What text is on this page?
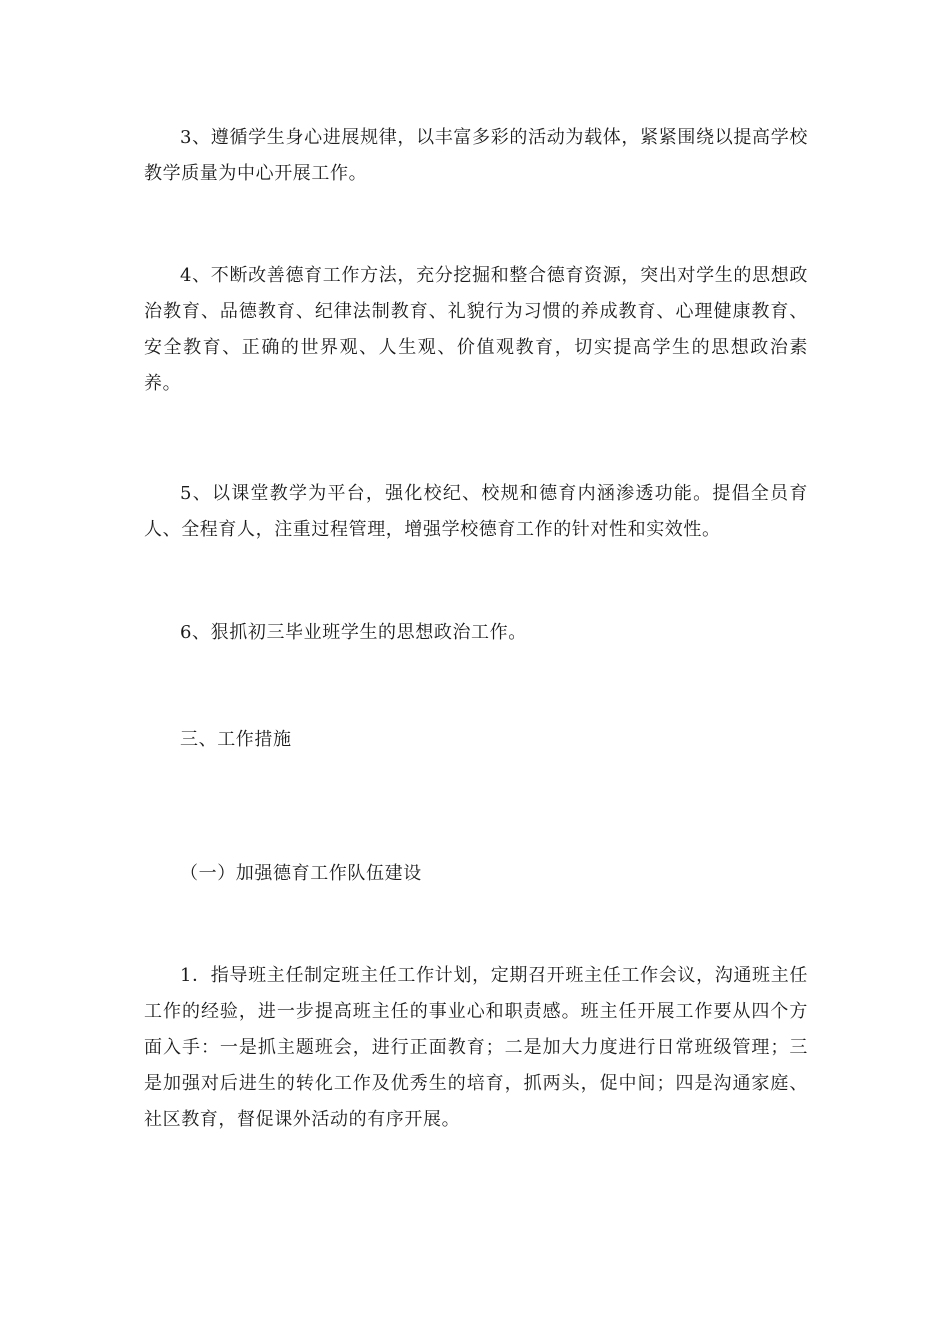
3、遵循学生身心进展规律，以丰富多彩的活动为载体，紧紧围绕以提高学校教学质量为中心开展工作。

4、不断改善德育工作方法，充分挖掘和整合德育资源，突出对学生的思想政治教育、品德教育、纪律法制教育、礼貌行为习惯的养成教育、心理健康教育、安全教育、正确的世界观、人生观、价值观教育，切实提高学生的思想政治素养。

5、以课堂教学为平台，强化校纪、校规和德育内涵渗透功能。提倡全员育人、全程育人，注重过程管理，增强学校德育工作的针对性和实效性。

6、狠抓初三毕业班学生的思想政治工作。

三、工作措施

（一）加强德育工作队伍建设

1．指导班主任制定班主任工作计划，定期召开班主任工作会议，沟通班主任工作的经验，进一步提高班主任的事业心和职责感。班主任开展工作要从四个方面入手：一是抓主题班会，进行正面教育；二是加大力度进行日常班级管理；三是加强对后进生的转化工作及优秀生的培育，抓两头，促中间；四是沟通家庭、社区教育，督促课外活动的有序开展。
